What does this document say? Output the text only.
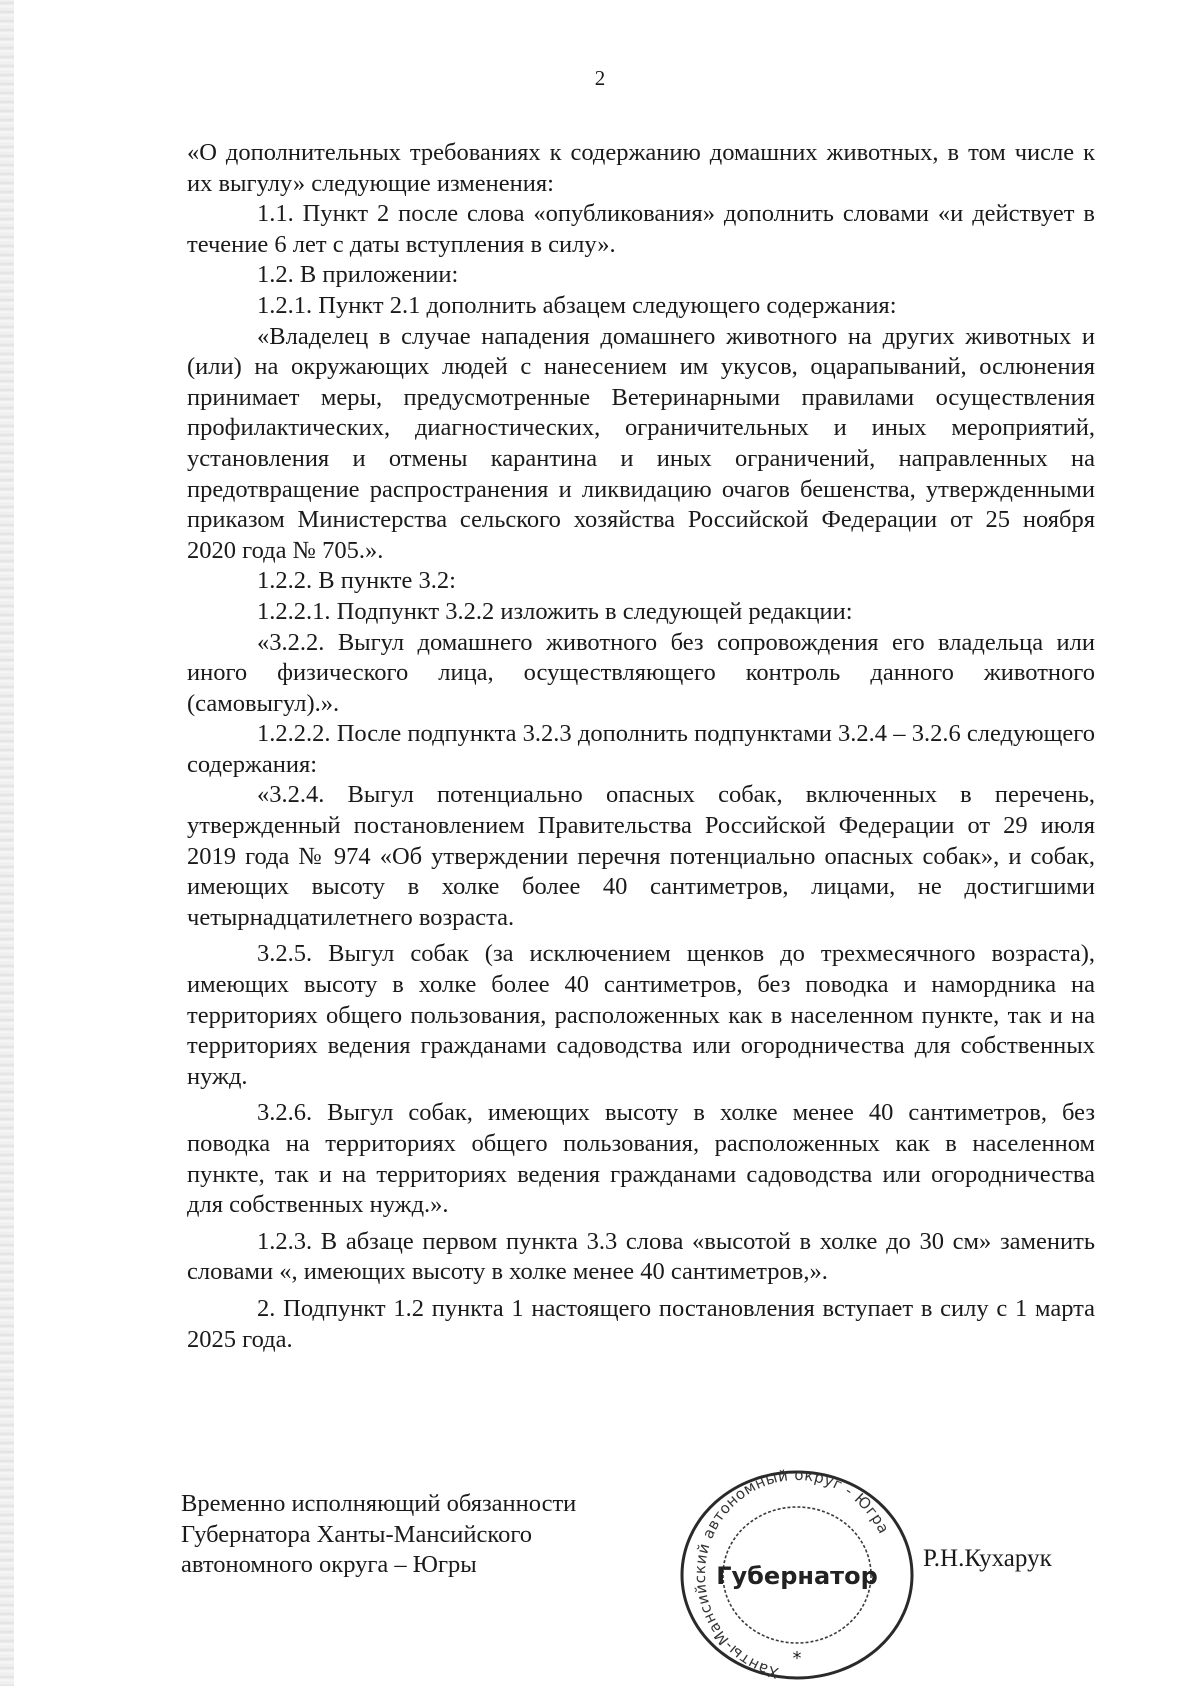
2

«О дополнительных требованиях к содержанию домашних животных, в том числе к их выгулу» следующие изменения:

1.1. Пункт 2 после слова «опубликования» дополнить словами «и действует в течение 6 лет с даты вступления в силу».

1.2. В приложении:

1.2.1. Пункт 2.1 дополнить абзацем следующего содержания:

«Владелец в случае нападения домашнего животного на других животных и (или) на окружающих людей с нанесением им укусов, оцарапываний, ослюнения принимает меры, предусмотренные Ветеринарными правилами осуществления профилактических, диагностических, ограничительных и иных мероприятий, установления и отмены карантина и иных ограничений, направленных на предотвращение распространения и ликвидацию очагов бешенства, утвержденными приказом Министерства сельского хозяйства Российской Федерации от 25 ноября 2020 года № 705.».

1.2.2. В пункте 3.2:

1.2.2.1. Подпункт 3.2.2 изложить в следующей редакции:

«3.2.2. Выгул домашнего животного без сопровождения его владельца или иного физического лица, осуществляющего контроль данного животного (самовыгул).».

1.2.2.2. После подпункта 3.2.3 дополнить подпунктами 3.2.4 – 3.2.6 следующего содержания:

«3.2.4. Выгул потенциально опасных собак, включенных в перечень, утвержденный постановлением Правительства Российской Федерации от 29 июля 2019 года № 974 «Об утверждении перечня потенциально опасных собак», и собак, имеющих высоту в холке более 40 сантиметров, лицами, не достигшими четырнадцатилетнего возраста.

3.2.5. Выгул собак (за исключением щенков до трехмесячного возраста), имеющих высоту в холке более 40 сантиметров, без поводка и намордника на территориях общего пользования, расположенных как в населенном пункте, так и на территориях ведения гражданами садоводства или огородничества для собственных нужд.

3.2.6. Выгул собак, имеющих высоту в холке менее 40 сантиметров, без поводка на территориях общего пользования, расположенных как в населенном пункте, так и на территориях ведения гражданами садоводства или огородничества для собственных нужд.».

1.2.3. В абзаце первом пункта 3.3 слова «высотой в холке до 30 см» заменить словами «, имеющих высоту в холке менее 40 сантиметров,».

2. Подпункт 1.2 пункта 1 настоящего постановления вступает в силу с 1 марта 2025 года.

Временно исполняющий обязанности
Губернатора Ханты-Мансийского
автономного округа – Югры
Ханты-Мансийский автономный округ - Югра
Губернатор
*
Р.Н.Кухарук
